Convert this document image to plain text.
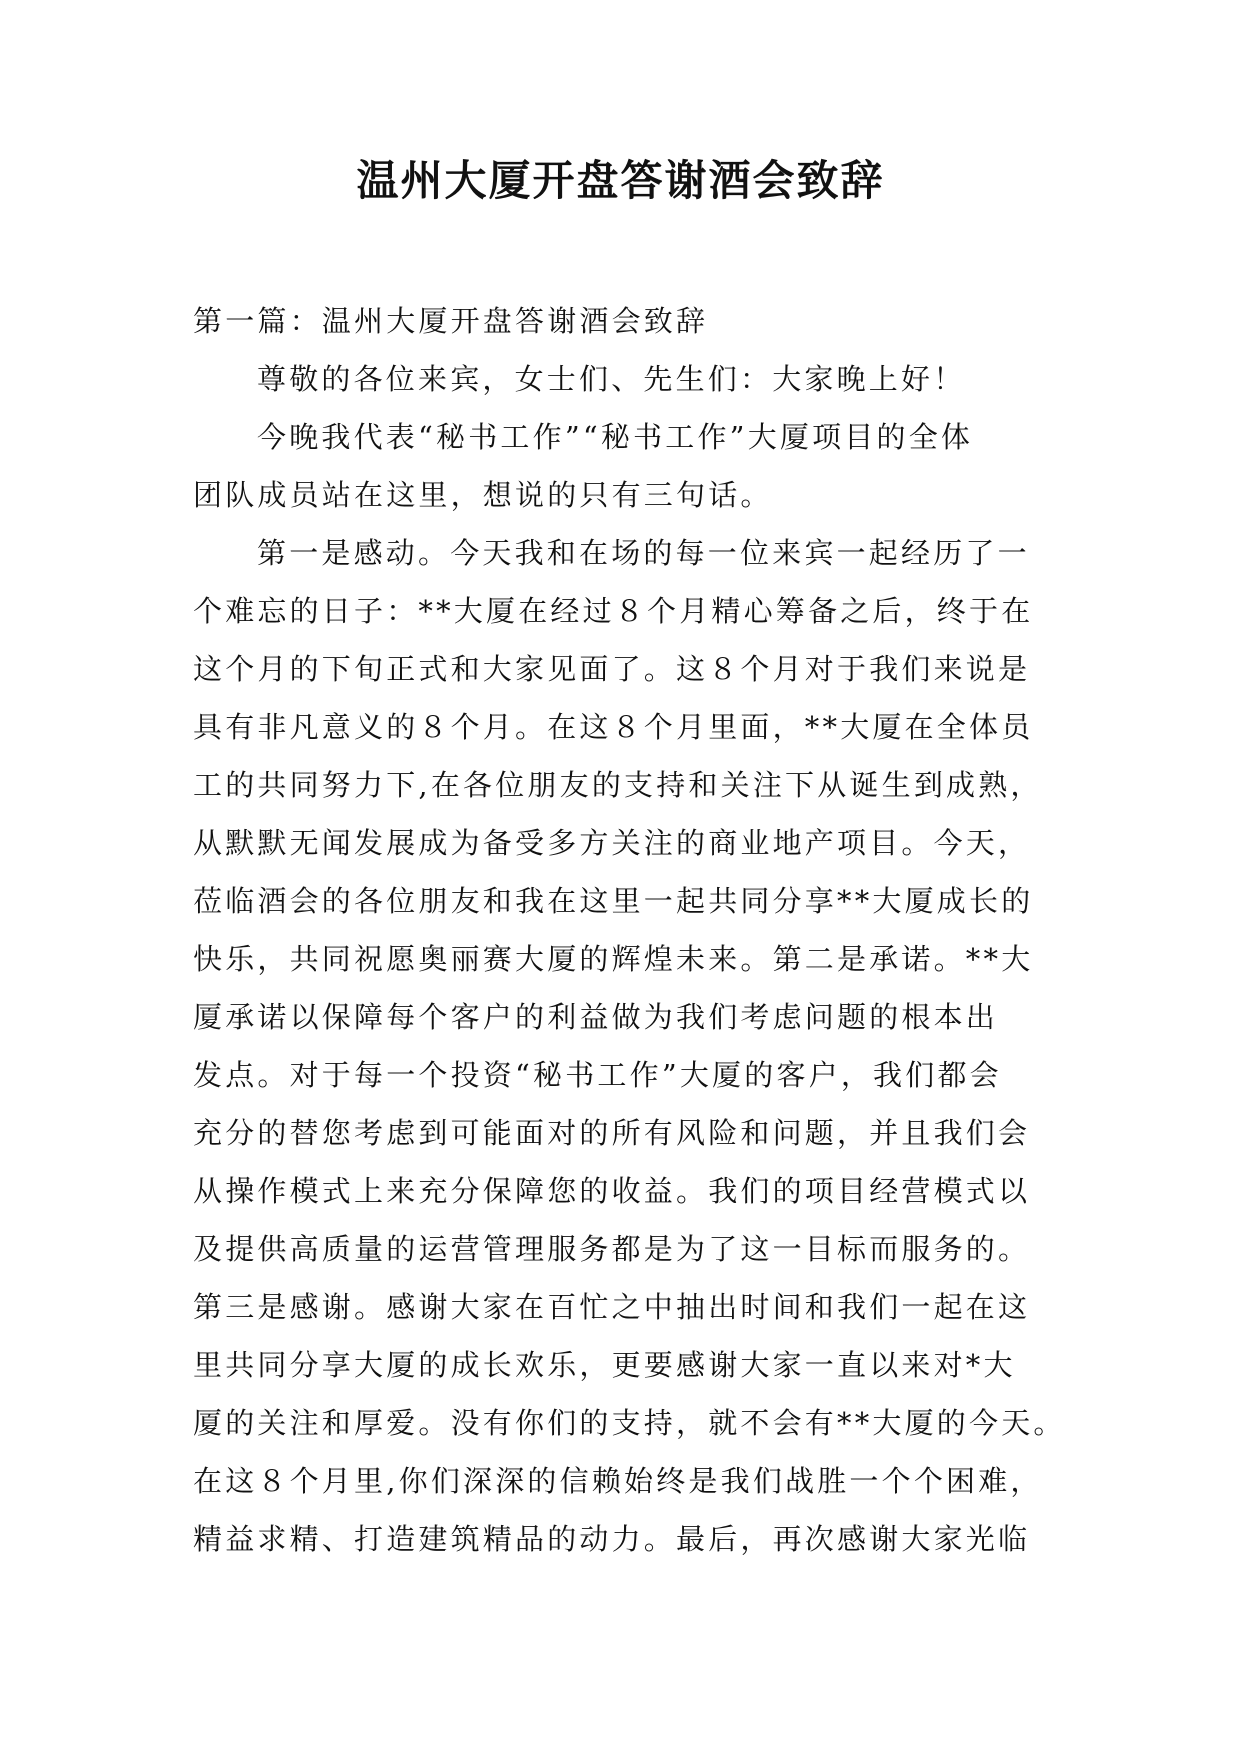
温州大厦开盘答谢酒会致辞
第一篇：温州大厦开盘答谢酒会致辞
尊敬的各位来宾，女士们、先生们：大家晚上好！
今晚我代表“秘书工作”“秘书工作”大厦项目的全体
团队成员站在这里，想说的只有三句话。
第一是感动。今天我和在场的每一位来宾一起经历了一
个难忘的日子：**大厦在经过８个月精心筹备之后，终于在
这个月的下旬正式和大家见面了。这８个月对于我们来说是
具有非凡意义的８个月。在这８个月里面，**大厦在全体员
工的共同努力下,在各位朋友的支持和关注下从诞生到成熟，
从默默无闻发展成为备受多方关注的商业地产项目。今天，
莅临酒会的各位朋友和我在这里一起共同分享**大厦成长的
快乐，共同祝愿奥丽赛大厦的辉煌未来。第二是承诺。**大
厦承诺以保障每个客户的利益做为我们考虑问题的根本出
发点。对于每一个投资“秘书工作”大厦的客户，我们都会
充分的替您考虑到可能面对的所有风险和问题，并且我们会
从操作模式上来充分保障您的收益。我们的项目经营模式以
及提供高质量的运营管理服务都是为了这一目标而服务的。
第三是感谢。感谢大家在百忙之中抽出时间和我们一起在这
里共同分享大厦的成长欢乐，更要感谢大家一直以来对*大
厦的关注和厚爱。没有你们的支持，就不会有**大厦的今天。
在这８个月里,你们深深的信赖始终是我们战胜一个个困难，
精益求精、打造建筑精品的动力。最后，再次感谢大家光临
